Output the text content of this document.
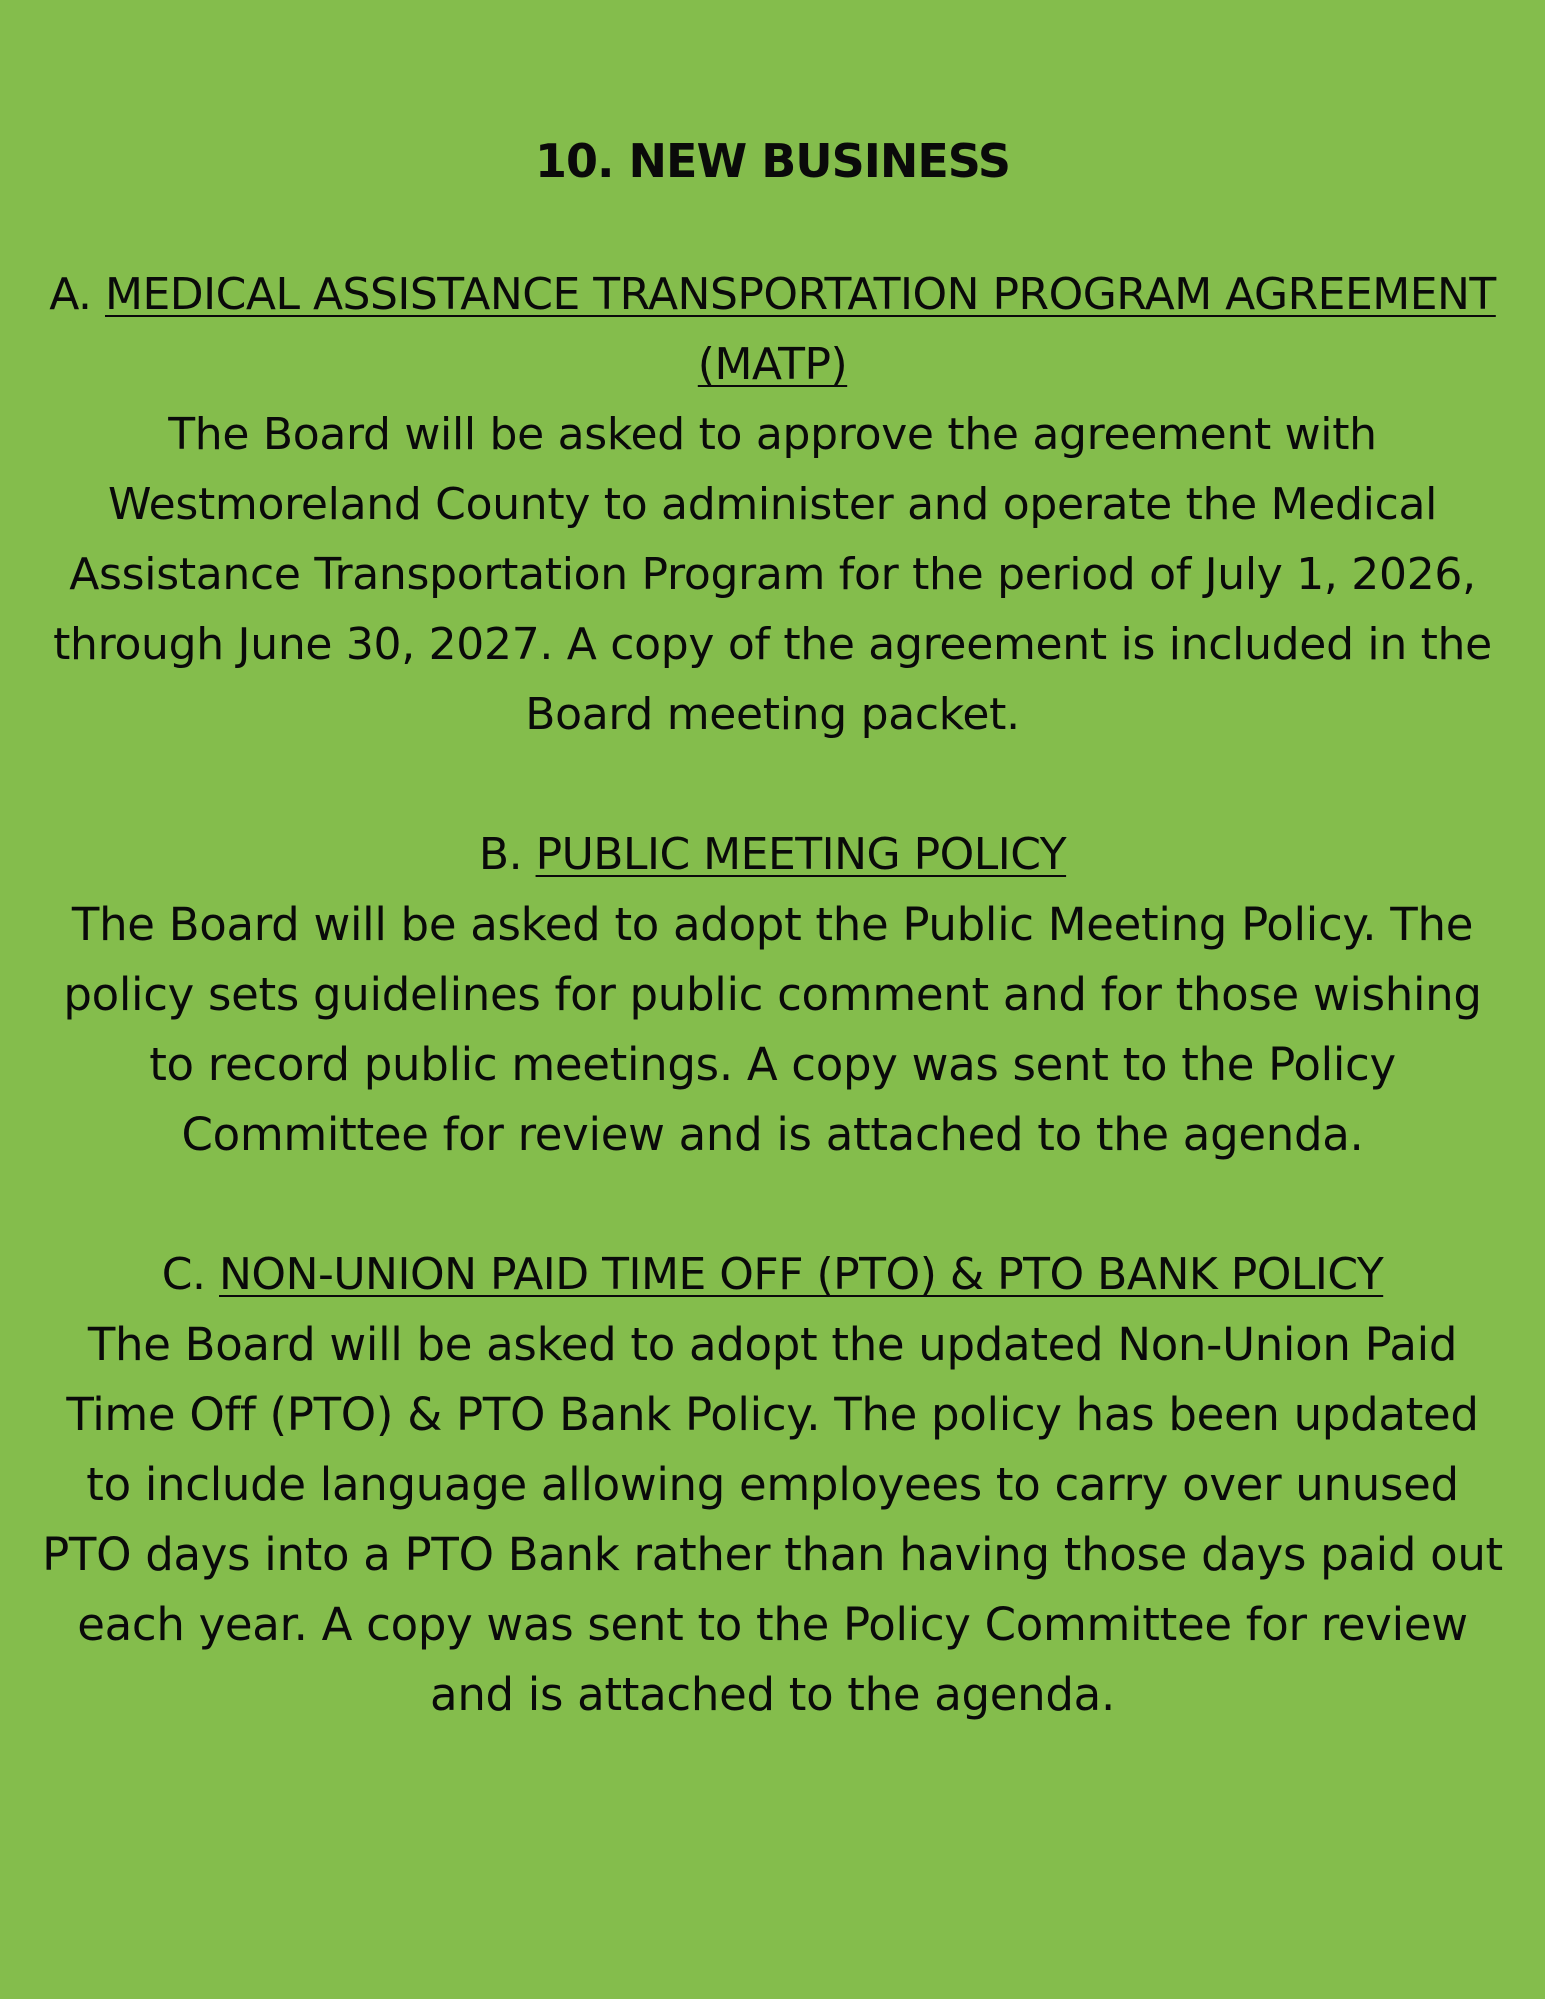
10. NEW BUSINESS

A. MEDICAL ASSISTANCE TRANSPORTATION PROGRAM AGREEMENT (MATP)

The Board will be asked to approve the agreement with Westmoreland County to administer and operate the Medical Assistance Transportation Program for the period of July 1, 2026, through June 30, 2027. A copy of the agreement is included in the Board meeting packet.

B. PUBLIC MEETING POLICY

The Board will be asked to adopt the Public Meeting Policy. The policy sets guidelines for public comment and for those wishing to record public meetings. A copy was sent to the Policy Committee for review and is attached to the agenda.

C. NON-UNION PAID TIME OFF (PTO) & PTO BANK POLICY

The Board will be asked to adopt the updated Non-Union Paid Time Off (PTO) & PTO Bank Policy. The policy has been updated to include language allowing employees to carry over unused PTO days into a PTO Bank rather than having those days paid out each year. A copy was sent to the Policy Committee for review and is attached to the agenda.
